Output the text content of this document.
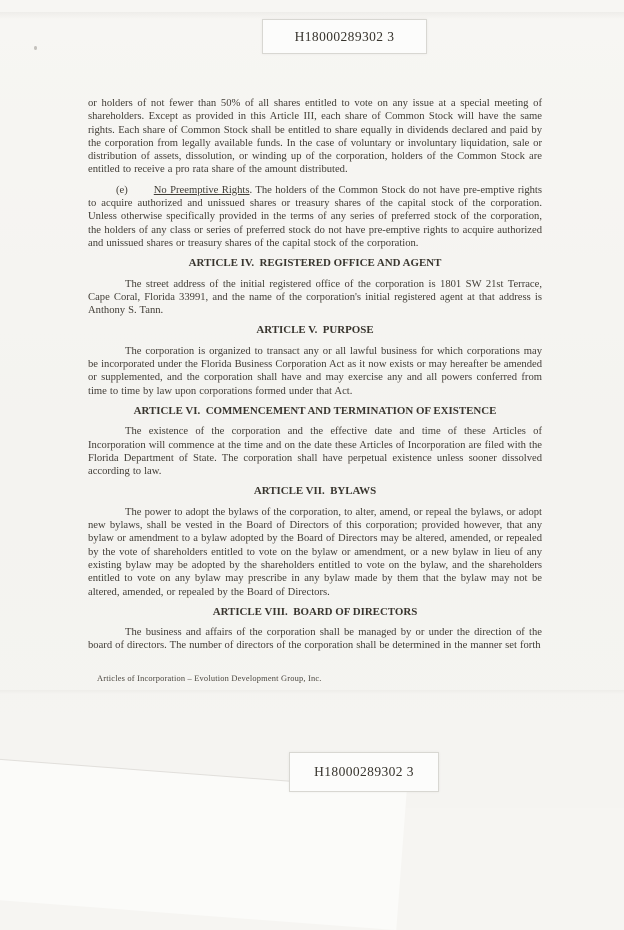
H18000289302 3

or holders of not fewer than 50% of all shares entitled to vote on any issue at a special meeting of shareholders. Except as provided in this Article III, each share of Common Stock will have the same rights. Each share of Common Stock shall be entitled to share equally in dividends declared and paid by the corporation from legally available funds. In the case of voluntary or involuntary liquidation, sale or distribution of assets, dissolution, or winding up of the corporation, holders of the Common Stock are entitled to receive a pro rata share of the amount distributed.

(e) No Preemptive Rights. The holders of the Common Stock do not have pre-emptive rights to acquire authorized and unissued shares or treasury shares of the capital stock of the corporation. Unless otherwise specifically provided in the terms of any series of preferred stock of the corporation, the holders of any class or series of preferred stock do not have pre-emptive rights to acquire authorized and unissued shares or treasury shares of the capital stock of the corporation.

ARTICLE IV.  REGISTERED OFFICE AND AGENT

The street address of the initial registered office of the corporation is 1801 SW 21st Terrace, Cape Coral, Florida 33991, and the name of the corporation's initial registered agent at that address is Anthony S. Tann.

ARTICLE V.  PURPOSE

The corporation is organized to transact any or all lawful business for which corporations may be incorporated under the Florida Business Corporation Act as it now exists or may hereafter be amended or supplemented, and the corporation shall have and may exercise any and all powers conferred from time to time by law upon corporations formed under that Act.

ARTICLE VI.  COMMENCEMENT AND TERMINATION OF EXISTENCE

The existence of the corporation and the effective date and time of these Articles of Incorporation will commence at the time and on the date these Articles of Incorporation are filed with the Florida Department of State. The corporation shall have perpetual existence unless sooner dissolved according to law.

ARTICLE VII.  BYLAWS

The power to adopt the bylaws of the corporation, to alter, amend, or repeal the bylaws, or adopt new bylaws, shall be vested in the Board of Directors of this corporation; provided however, that any bylaw or amendment to a bylaw adopted by the Board of Directors may be altered, amended, or repealed by the vote of shareholders entitled to vote on the bylaw or amendment, or a new bylaw in lieu of any existing bylaw may be adopted by the shareholders entitled to vote on the bylaw, and the shareholders entitled to vote on any bylaw may prescribe in any bylaw made by them that the bylaw may not be altered, amended, or repealed by the Board of Directors.

ARTICLE VIII.  BOARD OF DIRECTORS

The business and affairs of the corporation shall be managed by or under the direction of the board of directors. The number of directors of the corporation shall be determined in the manner set forth

Articles of Incorporation – Evolution Development Group, Inc.
H18000289302 3
